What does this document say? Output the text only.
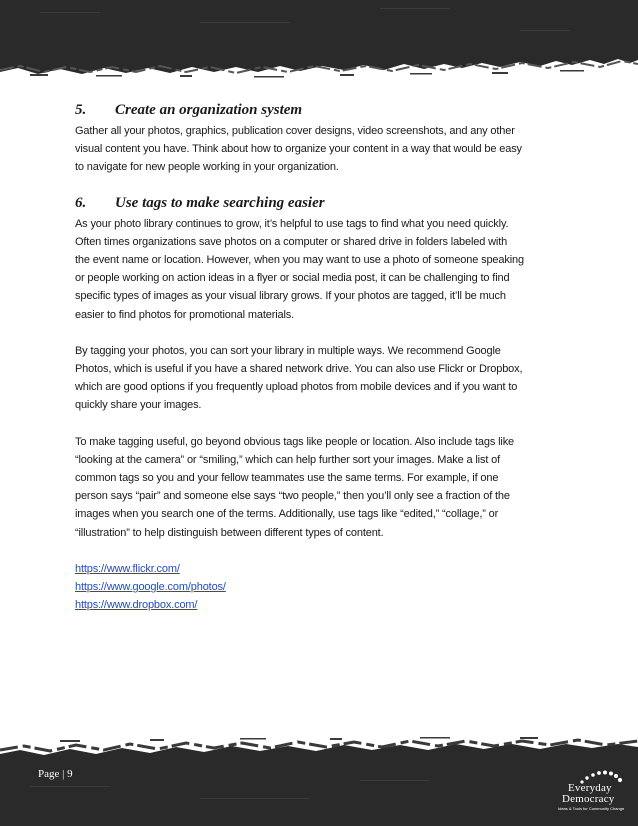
5.	Create an organization system

Gather all your photos, graphics, publication cover designs, video screenshots, and any other
visual content you have. Think about how to organize your content in a way that would be easy
to navigate for new people working in your organization.

6.	Use tags to make searching easier

As your photo library continues to grow, it’s helpful to use tags to find what you need quickly.
Often times organizations save photos on a computer or shared drive in folders labeled with
the event name or location. However, when you may want to use a photo of someone speaking
or people working on action ideas in a flyer or social media post, it can be challenging to find
specific types of images as your visual library grows. If your photos are tagged, it’ll be much
easier to find photos for promotional materials.

By tagging your photos, you can sort your library in multiple ways. We recommend Google
Photos, which is useful if you have a shared network drive. You can also use Flickr or Dropbox,
which are good options if you frequently upload photos from mobile devices and if you want to
quickly share your images.

To make tagging useful, go beyond obvious tags like people or location. Also include tags like
“looking at the camera” or “smiling,” which can help further sort your images. Make a list of
common tags so you and your fellow teammates use the same terms. For example, if one
person says “pair” and someone else says “two people,” then you’ll only see a fraction of the
images when you search one of the terms. Additionally, use tags like “edited,” “collage,” or
“illustration” to help distinguish between different types of content.

https://www.flickr.com/
https://www.google.com/photos/
https://www.dropbox.com/
Page | 9
Everyday
Democracy
Ideas & Tools for Community Change
